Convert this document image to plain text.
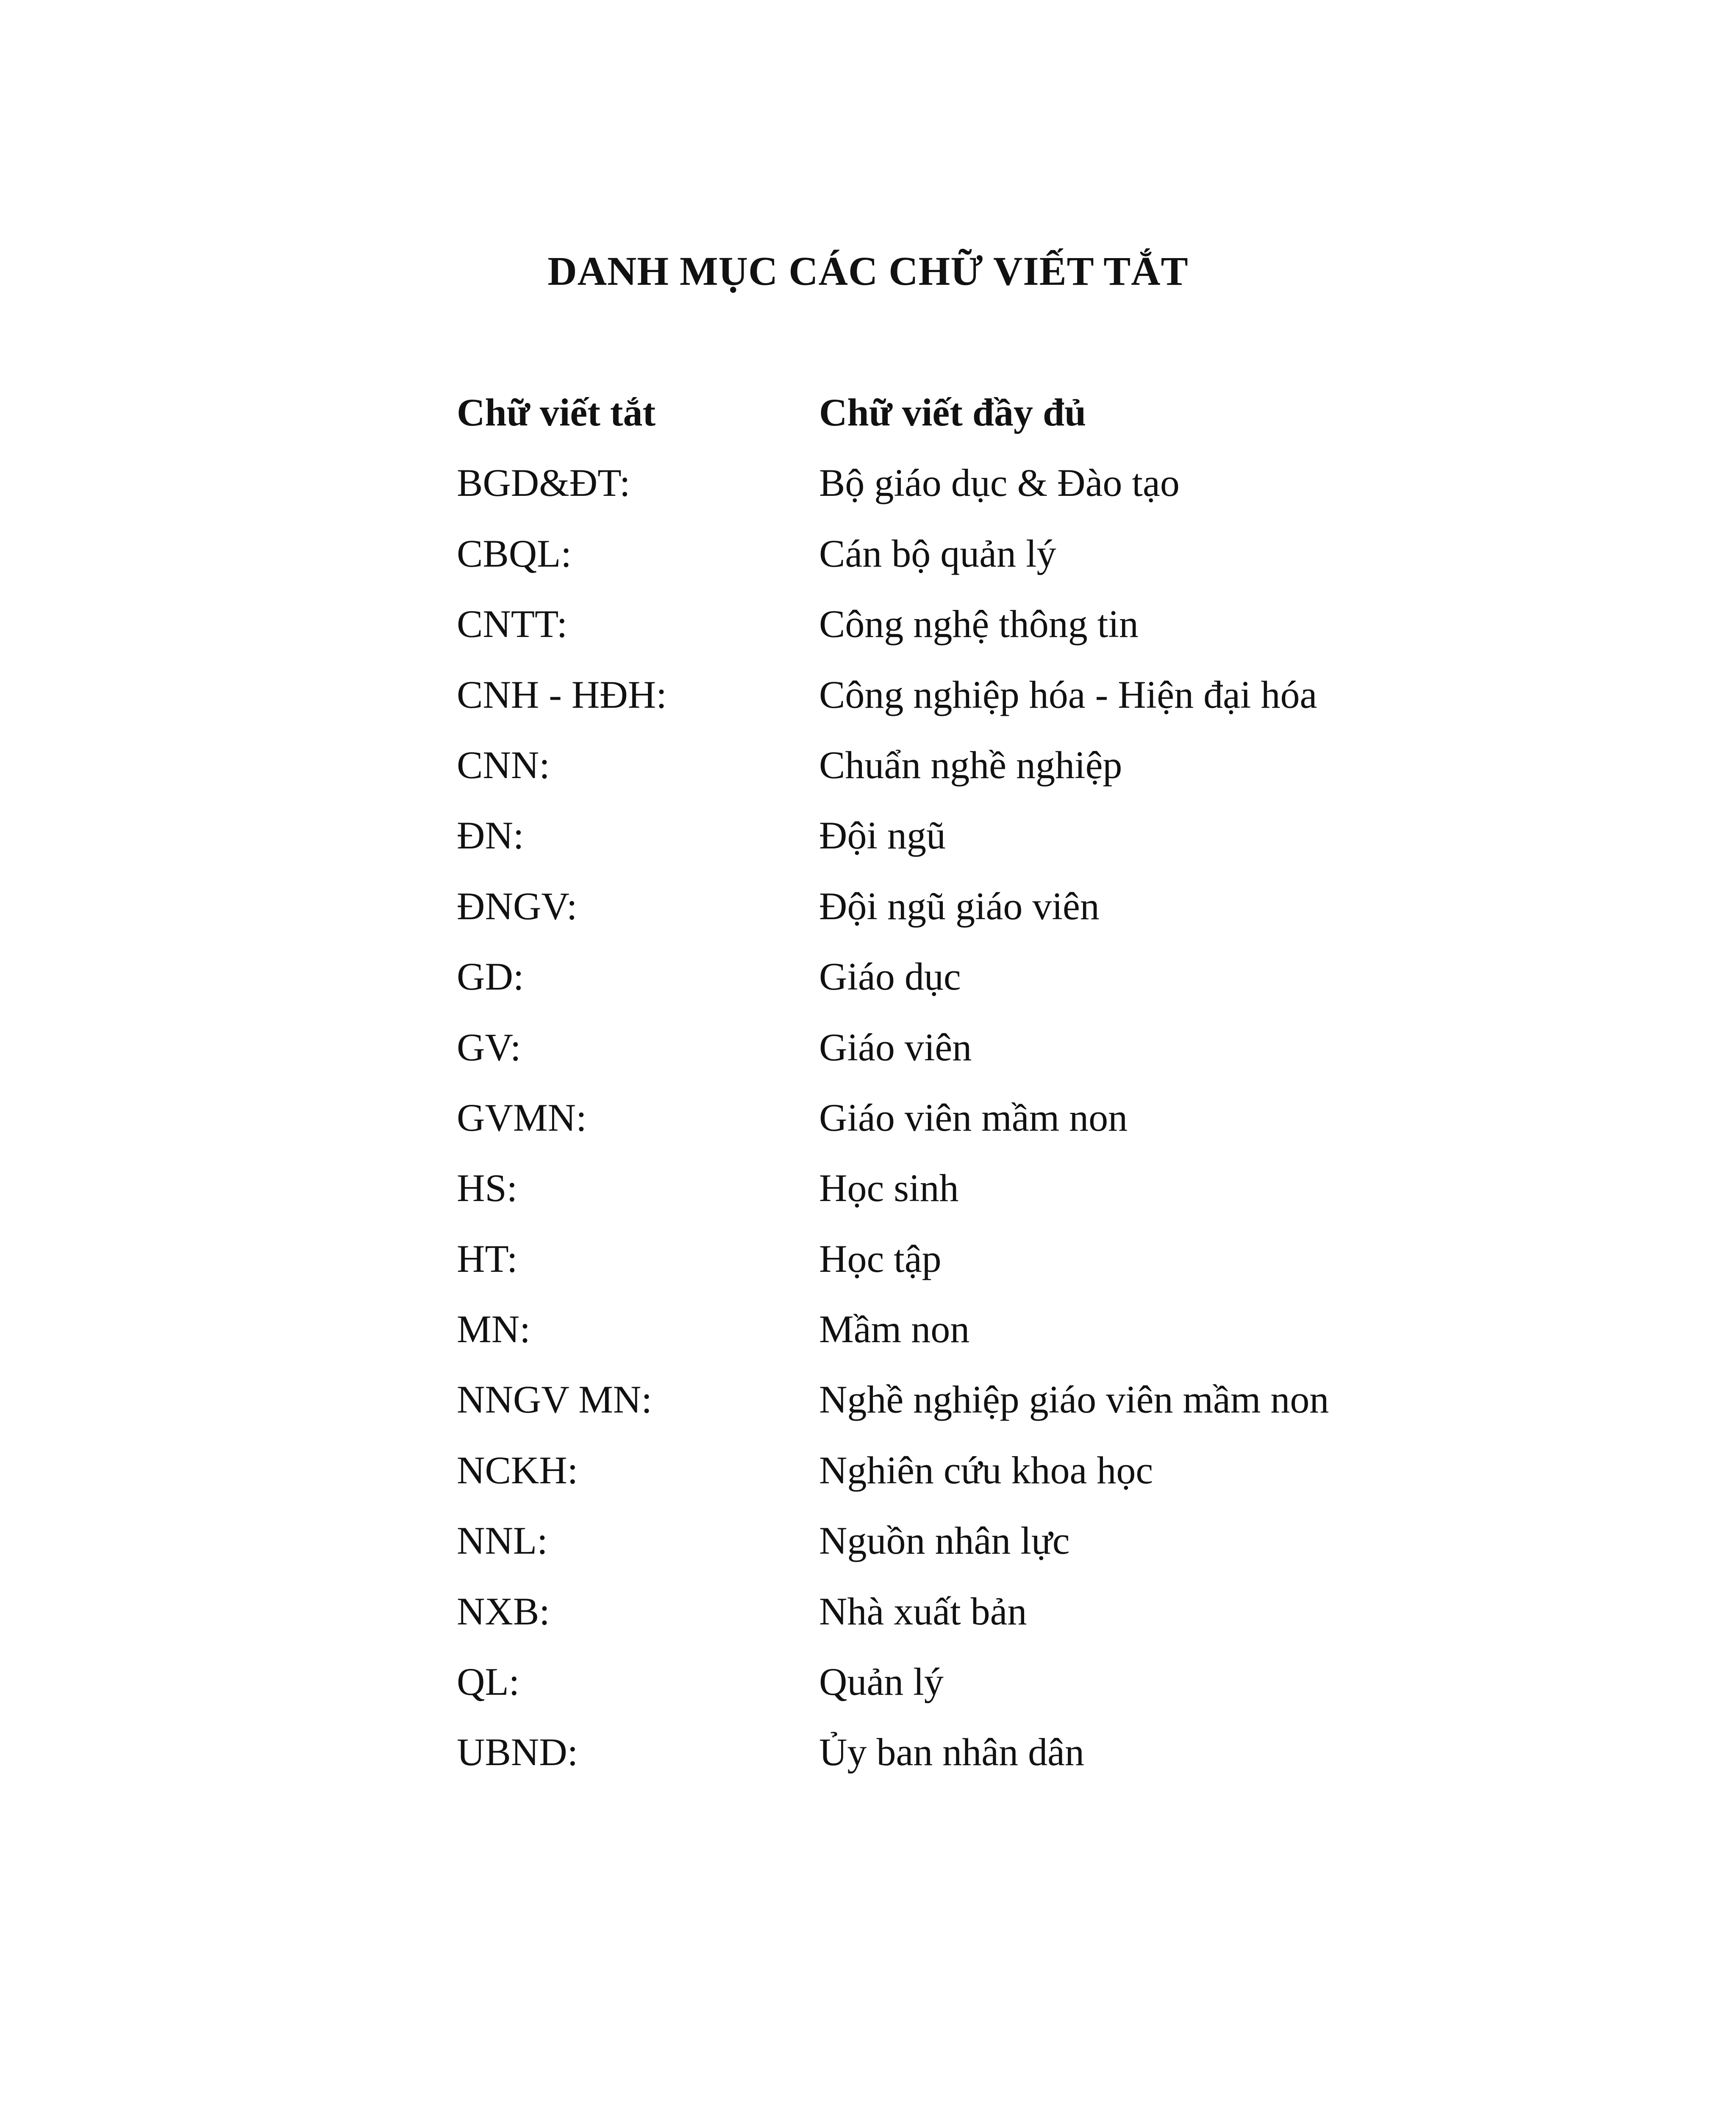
DANH MỤC CÁC CHỮ VIẾT TẮT
Chữ viết tắt	Chữ viết đầy đủ
BGD&ĐT:	Bộ giáo dục & Đào tạo
CBQL:	Cán bộ quản lý
CNTT:	Công nghệ thông tin
CNH - HĐH:	Công nghiệp hóa - Hiện đại hóa
CNN:	Chuẩn nghề nghiệp
ĐN:	Đội ngũ
ĐNGV:	Đội ngũ giáo viên
GD:	Giáo dục
GV:	Giáo viên
GVMN:	Giáo viên mầm non
HS:	Học sinh
HT:	Học tập
MN:	Mầm non
NNGV MN:	Nghề nghiệp giáo viên mầm non
NCKH:	Nghiên cứu khoa học
NNL:	Nguồn nhân lực
NXB:	Nhà xuất bản
QL:	Quản lý
UBND:	Ủy ban nhân dân
